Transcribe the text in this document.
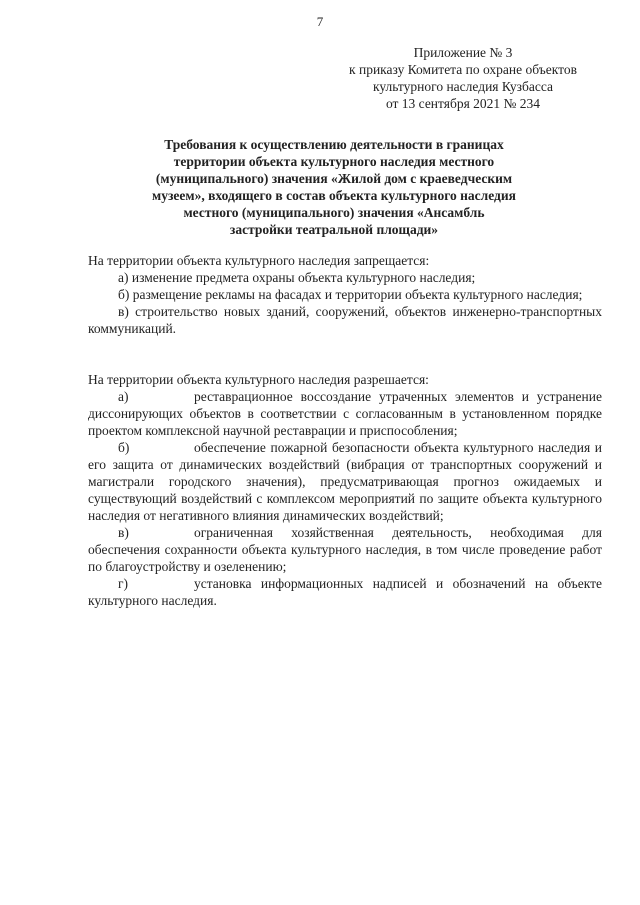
7
Приложение № 3
к приказу Комитета по охране объектов
культурного наследия Кузбасса
от 13 сентября 2021 № 234
Требования к осуществлению деятельности в границах
территории объекта культурного наследия местного
(муниципального) значения «Жилой дом с краеведческим
музеем», входящего в состав объекта культурного наследия
местного (муниципального) значения «Ансамбль
застройки театральной площади»

На территории объекта культурного наследия запрещается:

а) изменение предмета охраны объекта культурного наследия;

б) размещение рекламы на фасадах и территории объекта культурного наследия;

в) строительство новых зданий, сооружений, объектов инженерно-транспортных коммуникаций.

На территории объекта культурного наследия разрешается:

а)	реставрационное воссоздание утраченных элементов и устранение диссонирующих объектов в соответствии с согласованным в установленном порядке проектом комплексной научной реставрации и приспособления;

б)	обеспечение пожарной безопасности объекта культурного наследия и его защита от динамических воздействий (вибрация от транспортных сооружений и магистрали городского значения), предусматривающая прогноз ожидаемых и существующий воздействий с комплексом мероприятий по защите объекта культурного наследия от негативного влияния динамических воздействий;

в)	ограниченная хозяйственная деятельность, необходимая для обеспечения сохранности объекта культурного наследия, в том числе проведение работ по благоустройству и озеленению;

г)	установка информационных надписей и обозначений на объекте культурного наследия.
